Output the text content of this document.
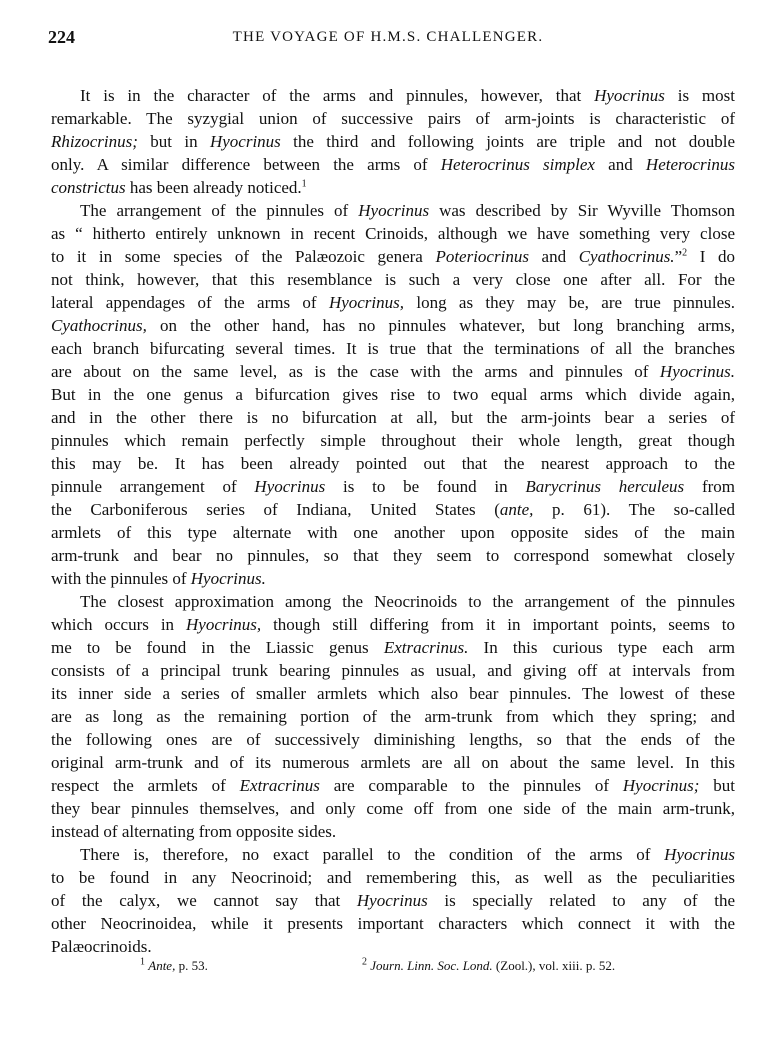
224	THE VOYAGE OF H.M.S. CHALLENGER.
It is in the character of the arms and pinnules, however, that Hyocrinus is most
remarkable. The syzygial union of successive pairs of arm-joints is characteristic of
Rhizocrinus; but in Hyocrinus the third and following joints are triple and not double
only. A similar difference between the arms of Heterocrinus simplex and Heterocrinus
constrictus has been already noticed.$^1$
The arrangement of the pinnules of Hyocrinus was described by Sir Wyville Thomson
as “ hitherto entirely unknown in recent Crinoids, although we have something very close
to it in some species of the Palæozoic genera Poteriocrinus and Cyathocrinus.”$^2$ I do
not think, however, that this resemblance is such a very close one after all. For the
lateral appendages of the arms of Hyocrinus, long as they may be, are true pinnules.
Cyathocrinus, on the other hand, has no pinnules whatever, but long branching arms,
each branch bifurcating several times. It is true that the terminations of all the branches
are about on the same level, as is the case with the arms and pinnules of Hyocrinus.
But in the one genus a bifurcation gives rise to two equal arms which divide again,
and in the other there is no bifurcation at all, but the arm-joints bear a series of
pinnules which remain perfectly simple throughout their whole length, great though
this may be. It has been already pointed out that the nearest approach to the
pinnule arrangement of Hyocrinus is to be found in Barycrinus herculeus from
the Carboniferous series of Indiana, United States (ante, p. 61). The so-called
armlets of this type alternate with one another upon opposite sides of the main
arm-trunk and bear no pinnules, so that they seem to correspond somewhat closely
with the pinnules of Hyocrinus.
The closest approximation among the Neocrinoids to the arrangement of the pinnules
which occurs in Hyocrinus, though still differing from it in important points, seems to
me to be found in the Liassic genus Extracrinus. In this curious type each arm
consists of a principal trunk bearing pinnules as usual, and giving off at intervals from
its inner side a series of smaller armlets which also bear pinnules. The lowest of these
are as long as the remaining portion of the arm-trunk from which they spring; and
the following ones are of successively diminishing lengths, so that the ends of the
original arm-trunk and of its numerous armlets are all on about the same level. In this
respect the armlets of Extracrinus are comparable to the pinnules of Hyocrinus; but
they bear pinnules themselves, and only come off from one side of the main arm-trunk,
instead of alternating from opposite sides.
There is, therefore, no exact parallel to the condition of the arms of Hyocrinus
to be found in any Neocrinoid; and remembering this, as well as the peculiarities
of the calyx, we cannot say that Hyocrinus is specially related to any of the
other Neocrinoidea, while it presents important characters which connect it with the
Palæocrinoids.
$^1$ Ante, p. 53.	$^2$ Journ. Linn. Soc. Lond. (Zool.), vol. xiii. p. 52.
